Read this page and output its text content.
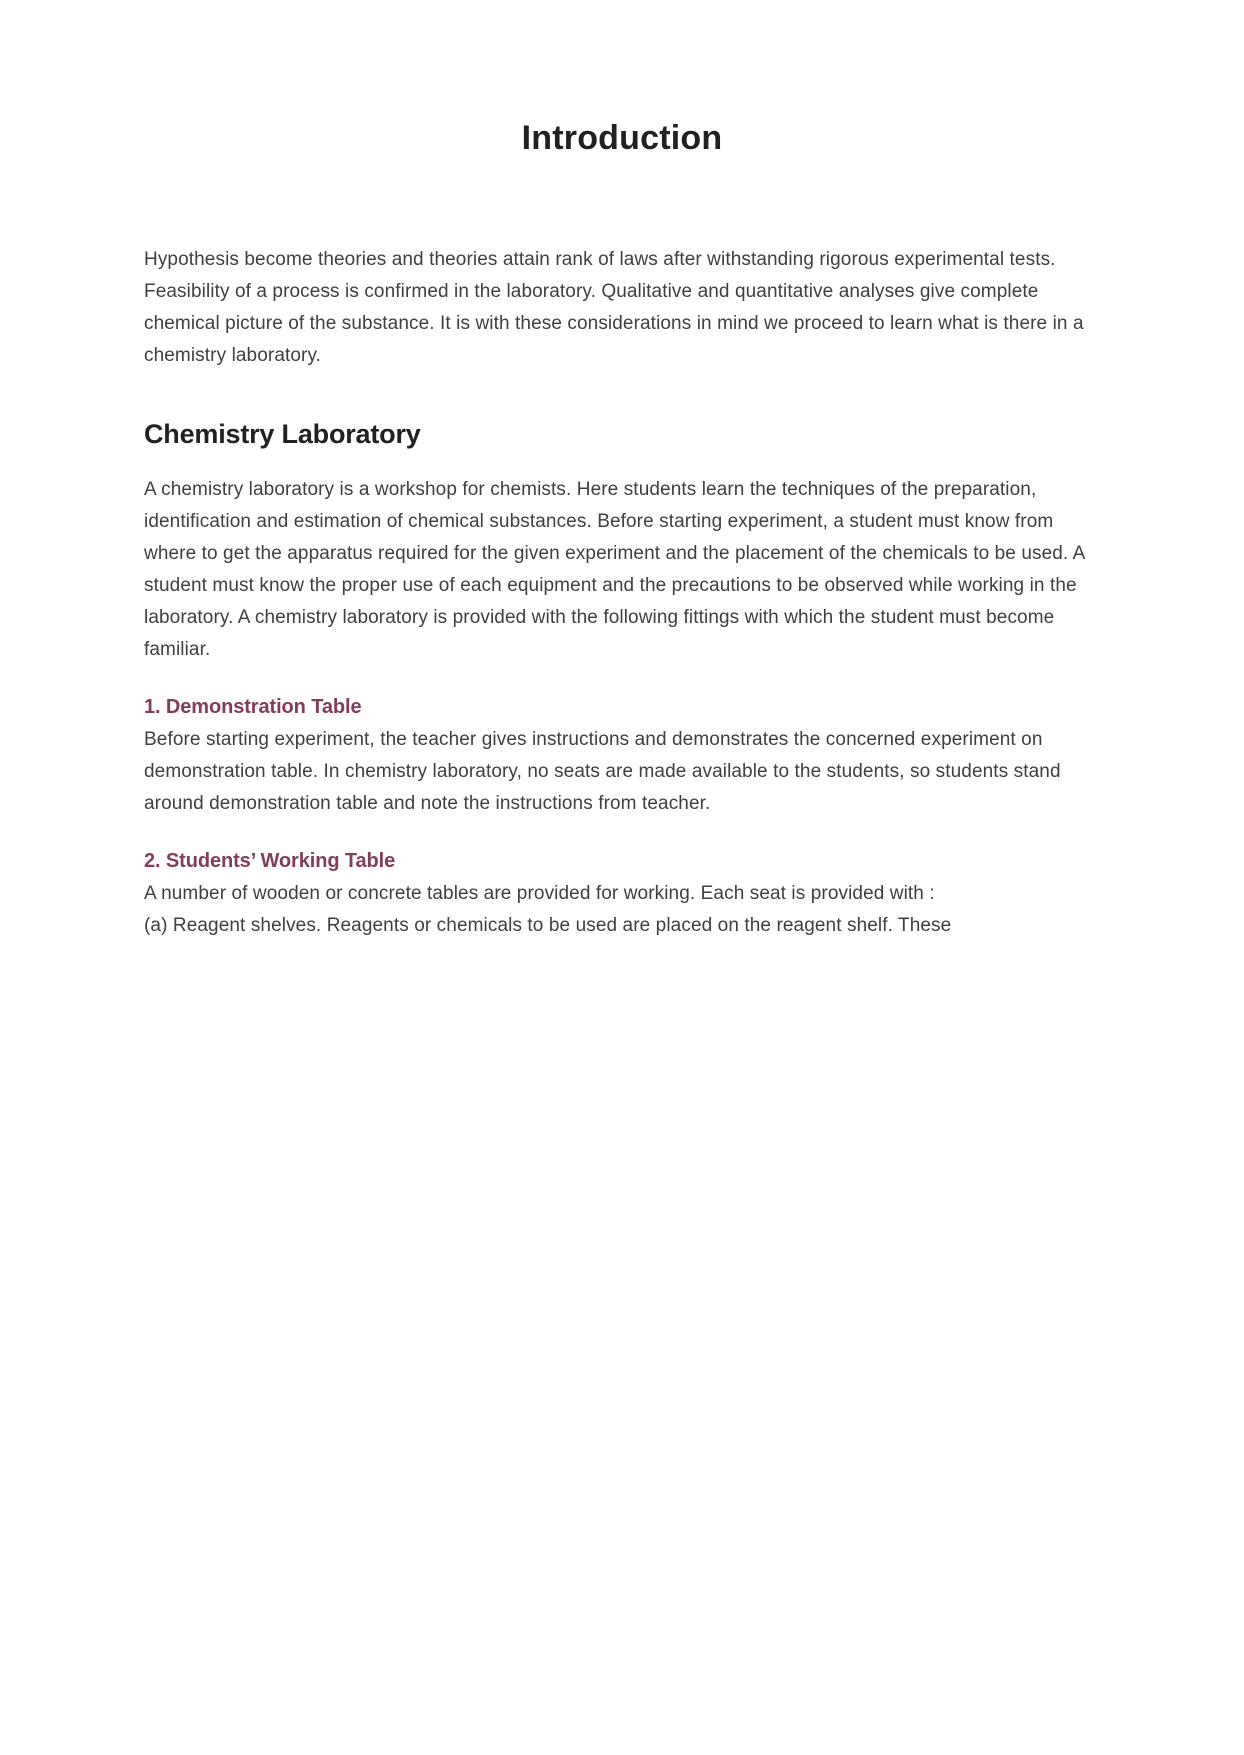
Introduction

Hypothesis become theories and theories attain rank of laws after withstanding rigorous experimental tests. Feasibility of a process is confirmed in the laboratory. Qualitative and quantitative analyses give complete chemical picture of the substance. It is with these considerations in mind we proceed to learn what is there in a chemistry laboratory.

Chemistry Laboratory

A chemistry laboratory is a workshop for chemists. Here students learn the techniques of the preparation, identification and estimation of chemical substances. Before starting experiment, a student must know from where to get the apparatus required for the given experiment and the placement of the chemicals to be used. A student must know the proper use of each equipment and the precautions to be observed while working in the laboratory. A chemistry laboratory is provided with the following fittings with which the student must become familiar.

1. Demonstration Table

Before starting experiment, the teacher gives instructions and demonstrates the concerned experiment on demonstration table. In chemistry laboratory, no seats are made available to the students, so students stand around demonstration table and note the instructions from teacher.

2. Students’ Working Table

A number of wooden or concrete tables are provided for working. Each seat is provided with :
(a) Reagent shelves. Reagents or chemicals to be used are placed on the reagent shelf. These
